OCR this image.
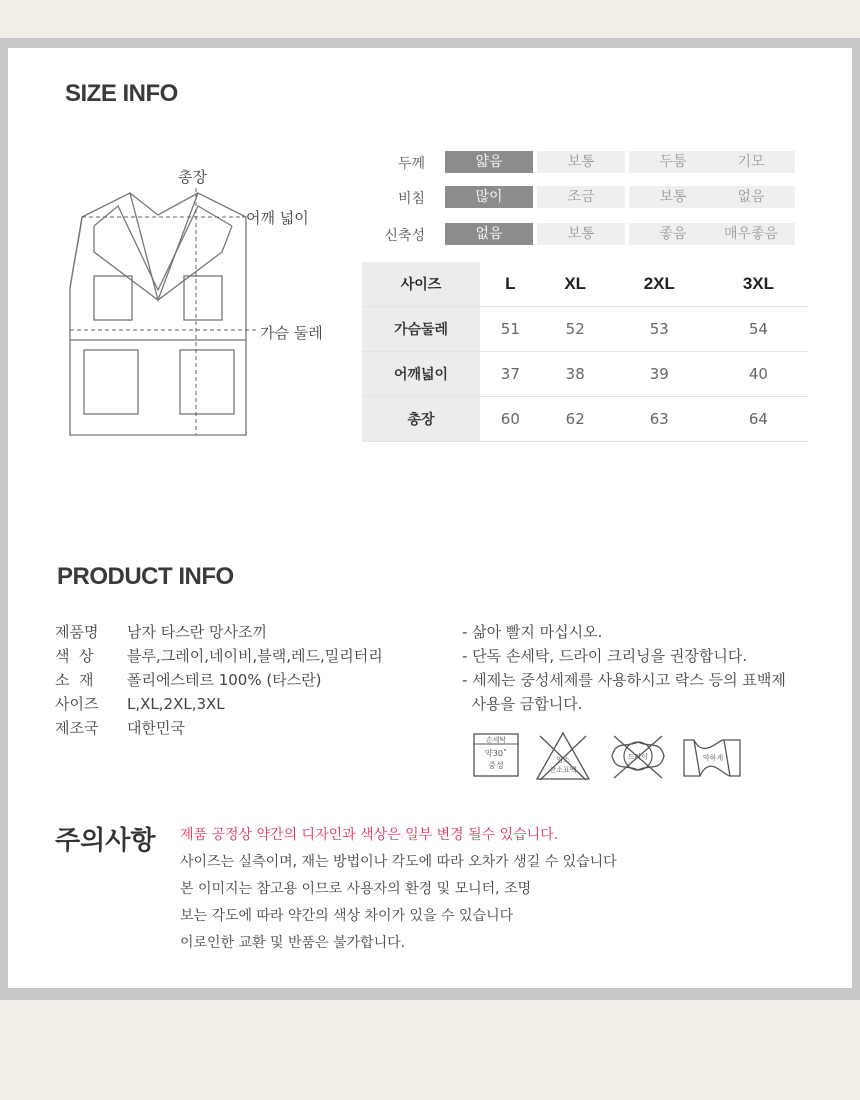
SIZE INFO
총장
어깨 넓이
가슴 둘레
두께	얇음	보통	두툼	기모
비침	많이	조금	보통	없음
신축성	없음	보통	좋음	매우좋음
사이즈	L	XL	2XL	3XL
가슴둘레	51	52	53	54
어깨넓이	37	38	39	40
총장	60	62	63	64
PRODUCT INFO
제품명	남자 타스란 망사조끼
색  상	블루,그레이,네이비,블랙,레드,밀리터리
소  재	폴리에스테르 100% (타스란)
사이즈	L,XL,2XL,3XL
제조국	대한민국
- 삶아 빨지 마십시오.
- 단독 손세탁, 드라이 크리닝을 권장합니다.
- 세제는 중성세제를 사용하시고 락스 등의 표백제
사용을 금합니다.
손세탁
약30˚
중성
염소
산소표백
드라이	약하게
주의사항 제품 공정상 약간의 디자인과 색상은 일부 변경 될수 있습니다.
사이즈는 실측이며, 재는 방법이나 각도에 따라 오차가 생길 수 있습니다
본 이미지는 참고용 이므로 사용자의 환경 및 모니터, 조명
보는 각도에 따라 약간의 색상 차이가 있을 수 있습니다
이로인한 교환 및 반품은 불가합니다.
